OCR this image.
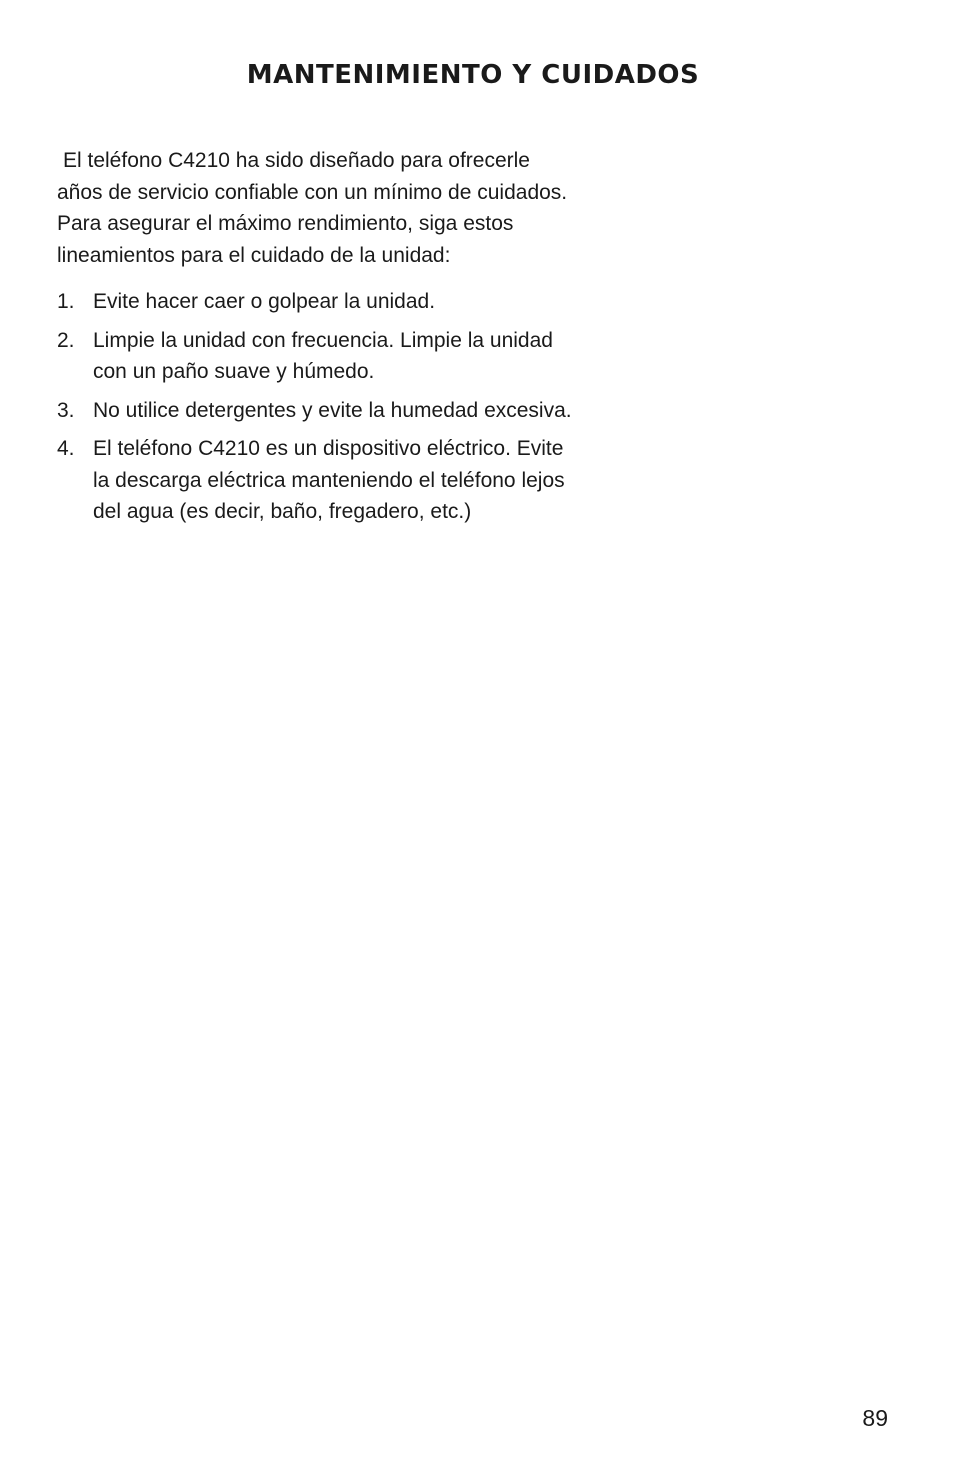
MANTENIMIENTO Y CUIDADOS

El teléfono C4210 ha sido diseñado para ofrecerle años de servicio confiable con un mínimo de cuidados. Para asegurar el máximo rendimiento, siga estos lineamientos para el cuidado de la unidad:

1. Evite hacer caer o golpear la unidad.
2. Limpie la unidad con frecuencia. Limpie la unidad con un paño suave y húmedo.
3. No utilice detergentes y evite la humedad excesiva.
4. El teléfono C4210 es un dispositivo eléctrico. Evite la descarga eléctrica manteniendo el teléfono lejos del agua (es decir, baño, fregadero, etc.)
89
